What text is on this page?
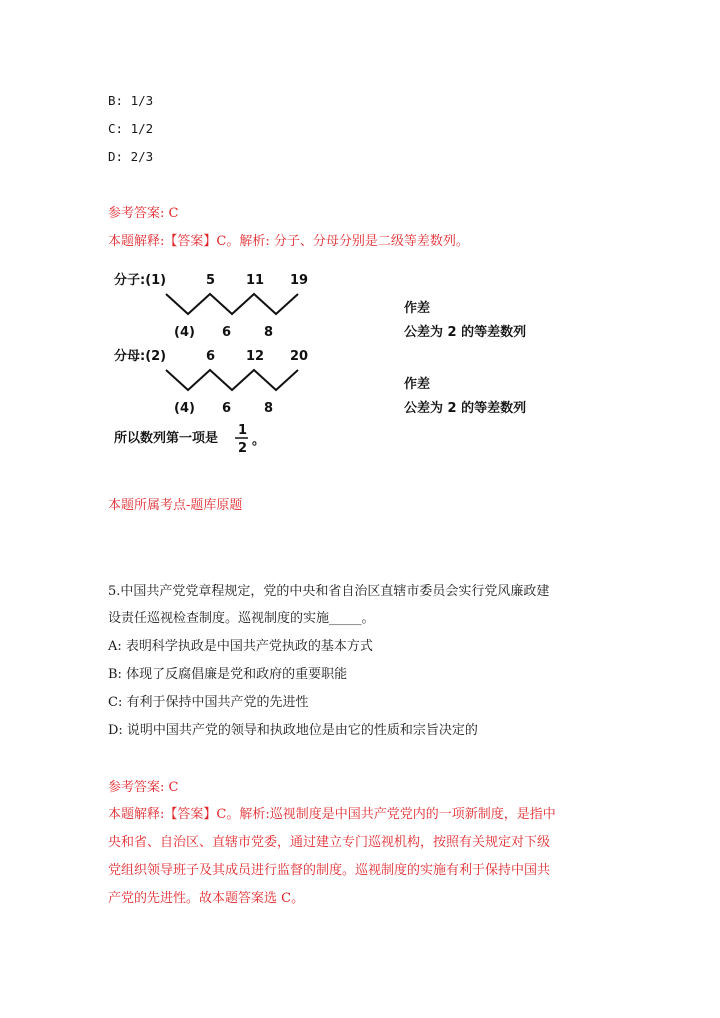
B: 1/3
C: 1/2
D: 2/3
参考答案: C
本题解释:【答案】C。解析: 分子、分母分别是二级等差数列。
分子:(1)	5 11 19
(4) 6	8
作差
公差为 2 的等差数列
分母:(2)	6 12 20
(4) 6	8
作差
公差为 2 的等差数列
所以数列第一项是
1
2
。
本题所属考点-题库原题
5.中国共产党党章程规定，党的中央和省自治区直辖市委员会实行党风廉政建
设责任巡视检查制度。巡视制度的实施_____。
A: 表明科学执政是中国共产党执政的基本方式
B: 体现了反腐倡廉是党和政府的重要职能
C: 有利于保持中国共产党的先进性
D: 说明中国共产党的领导和执政地位是由它的性质和宗旨决定的
参考答案: C
本题解释:【答案】C。解析:巡视制度是中国共产党党内的一项新制度，是指中
央和省、自治区、直辖市党委，通过建立专门巡视机构，按照有关规定对下级
党组织领导班子及其成员进行监督的制度。巡视制度的实施有利于保持中国共
产党的先进性。故本题答案选 C。
